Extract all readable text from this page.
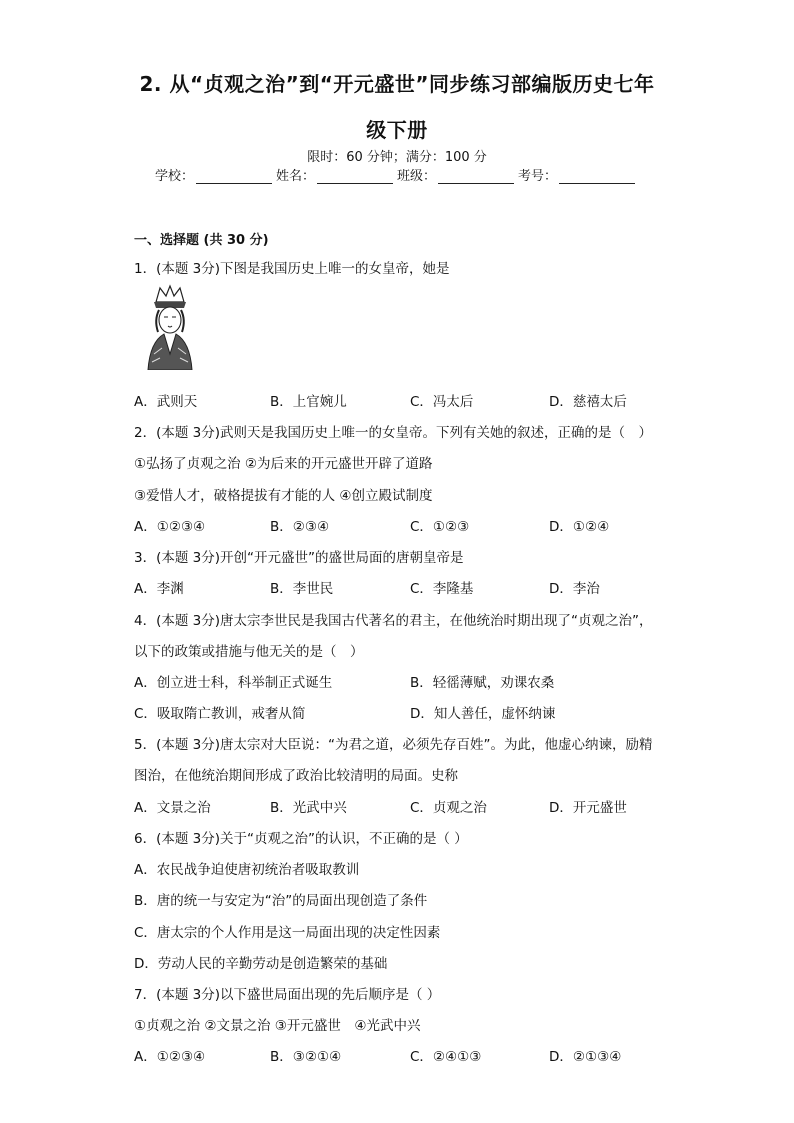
2. 从“贞观之治”到“开元盛世”同步练习部编版历史七年
级下册
限时：60 分钟；满分：100 分
学校：	姓名：	班级：	考号：
一、选择题 (共 30 分)
1．(本题 3分)下图是我国历史上唯一的女皇帝，她是
A．武则天	B．上官婉儿	C．冯太后	D．慈禧太后
2．(本题 3分)武则天是我国历史上唯一的女皇帝。下列有关她的叙述，正确的是（　）
①弘扬了贞观之治 ②为后来的开元盛世开辟了道路
③爱惜人才，破格提拔有才能的人 ④创立殿试制度
A．①②③④	B．②③④	C．①②③	D．①②④
3．(本题 3分)开创“开元盛世”的盛世局面的唐朝皇帝是
A．李渊	B．李世民	C．李隆基	D．李治
4．(本题 3分)唐太宗李世民是我国古代著名的君主，在他统治时期出现了“贞观之治”，
以下的政策或措施与他无关的是（　）
A．创立进士科，科举制正式诞生	B．轻徭薄赋，劝课农桑
C．吸取隋亡教训，戒奢从简	D．知人善任，虚怀纳谏
5．(本题 3分)唐太宗对大臣说：“为君之道，必须先存百姓”。为此，他虚心纳谏，励精
图治，在他统治期间形成了政治比较清明的局面。史称
A．文景之治	B．光武中兴	C．贞观之治	D．开元盛世
6．(本题 3分)关于“贞观之治”的认识，不正确的是（ ）
A．农民战争迫使唐初统治者吸取教训
B．唐的统一与安定为“治”的局面出现创造了条件
C．唐太宗的个人作用是这一局面出现的决定性因素
D．劳动人民的辛勤劳动是创造繁荣的基础
7．(本题 3分)以下盛世局面出现的先后顺序是（ ）
①贞观之治 ②文景之治 ③开元盛世　④光武中兴
A．①②③④	B．③②①④	C．②④①③	D．②①③④
